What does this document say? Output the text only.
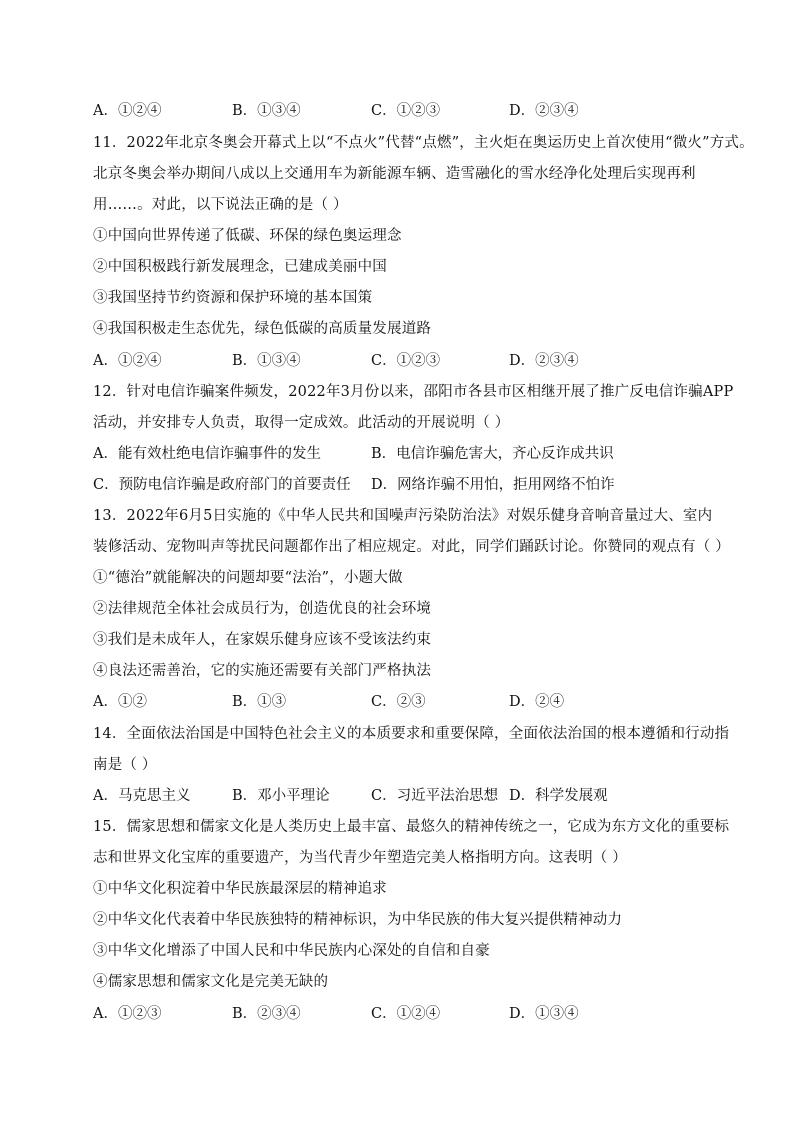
A．①②④	B．①③④	C．①②③	D．②③④
11．2022年北京冬奥会开幕式上以“不点火”代替“点燃”，主火炬在奥运历史上首次使用“微火”方式。
北京冬奥会举办期间八成以上交通用车为新能源车辆、造雪融化的雪水经净化处理后实现再利
用……。对此，以下说法正确的是（ ）
①中国向世界传递了低碳、环保的绿色奥运理念
②中国积极践行新发展理念，已建成美丽中国
③我国坚持节约资源和保护环境的基本国策
④我国积极走生态优先，绿色低碳的高质量发展道路
A．①②④	B．①③④	C．①②③	D．②③④
12．针对电信诈骗案件频发，2022年3月份以来，邵阳市各县市区相继开展了推广反电信诈骗APP
活动，并安排专人负责，取得一定成效。此活动的开展说明（ ）
A．能有效杜绝电信诈骗事件的发生	B．电信诈骗危害大，齐心反诈成共识
C．预防电信诈骗是政府部门的首要责任 D．网络诈骗不用怕，拒用网络不怕诈
13．2022年6月5日实施的《中华人民共和国噪声污染防治法》对娱乐健身音响音量过大、室内
装修活动、宠物叫声等扰民问题都作出了相应规定。对此，同学们踊跃讨论。你赞同的观点有（ ）
①“德治”就能解决的问题却要“法治”，小题大做
②法律规范全体社会成员行为，创造优良的社会环境
③我们是未成年人，在家娱乐健身应该不受该法约束
④良法还需善治，它的实施还需要有关部门严格执法
A．①②	B．①③	C．②③	D．②④
14．全面依法治国是中国特色社会主义的本质要求和重要保障，全面依法治国的根本遵循和行动指
南是（ ）
A．马克思主义	B．邓小平理论	C．习近平法治思想 D．科学发展观
15．儒家思想和儒家文化是人类历史上最丰富、最悠久的精神传统之一，它成为东方文化的重要标
志和世界文化宝库的重要遗产，为当代青少年塑造完美人格指明方向。这表明（ ）
①中华文化积淀着中华民族最深层的精神追求
②中华文化代表着中华民族独特的精神标识，为中华民族的伟大复兴提供精神动力
③中华文化增添了中国人民和中华民族内心深处的自信和自豪
④儒家思想和儒家文化是完美无缺的
A．①②③	B．②③④	C．①②④	D．①③④
